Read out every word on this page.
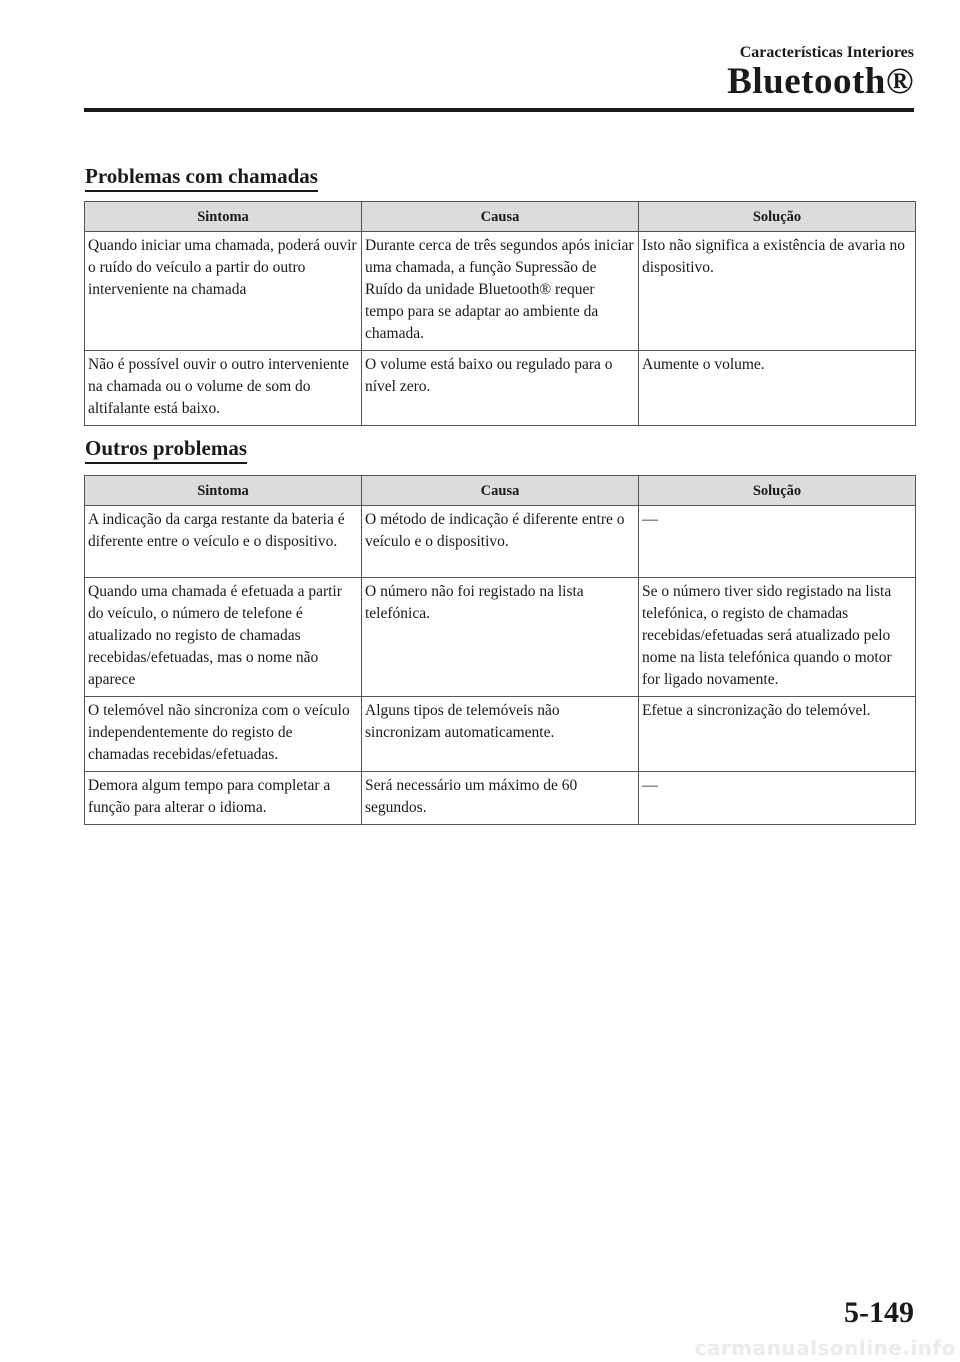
Características Interiores
Bluetooth®
Problemas com chamadas
Sintoma	Causa	Solução
Quando iniciar uma chamada, poderá ouvir o ruído do veículo a partir do outro interveniente na chamada	Durante cerca de três segundos após iniciar uma chamada, a função Supressão de Ruído da unidade Bluetooth® requer tempo para se adaptar ao ambiente da chamada.	Isto não significa a existência de avaria no dispositivo.
Não é possível ouvir o outro interveniente na chamada ou o volume de som do altifalante está baixo.	O volume está baixo ou regulado para o nível zero.	Aumente o volume.
Outros problemas
Sintoma	Causa	Solução
A indicação da carga restante da bateria é diferente entre o veículo e o dispositivo.	O método de indicação é diferente entre o veículo e o dispositivo.	—
Quando uma chamada é efetuada a partir do veículo, o número de telefone é atualizado no registo de chamadas recebidas/efetuadas, mas o nome não aparece	O número não foi registado na lista telefónica.	Se o número tiver sido registado na lista telefónica, o registo de chamadas recebidas/efetuadas será atualizado pelo nome na lista telefónica quando o motor for ligado novamente.
O telemóvel não sincroniza com o veículo independentemente do registo de chamadas recebidas/efetuadas.	Alguns tipos de telemóveis não sincronizam automaticamente.	Efetue a sincronização do telemóvel.
Demora algum tempo para completar a função para alterar o idioma.	Será necessário um máximo de 60 segundos.	—
5-149
carmanualsonline.info
